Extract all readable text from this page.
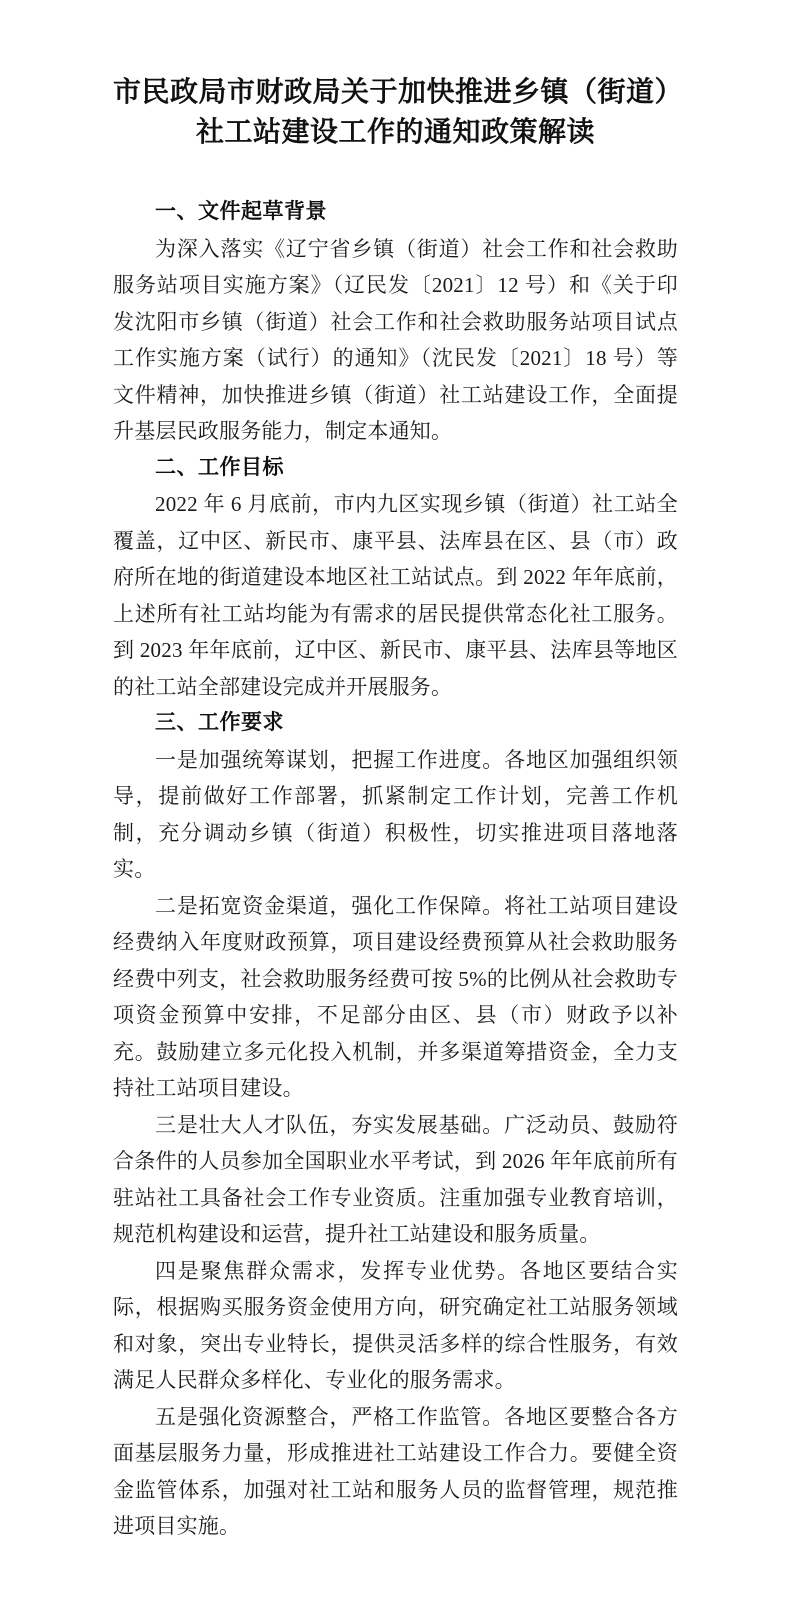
市民政局市财政局关于加快推进乡镇（街道）
社工站建设工作的通知政策解读
一、文件起草背景

为深入落实《辽宁省乡镇（街道）社会工作和社会救助服务站项目实施方案》（辽民发〔2021〕12 号）和《关于印发沈阳市乡镇（街道）社会工作和社会救助服务站项目试点工作实施方案（试行）的通知》（沈民发〔2021〕18 号）等文件精神，加快推进乡镇（街道）社工站建设工作，全面提升基层民政服务能力，制定本通知。

二、工作目标

2022 年 6 月底前，市内九区实现乡镇（街道）社工站全覆盖，辽中区、新民市、康平县、法库县在区、县（市）政府所在地的街道建设本地区社工站试点。到 2022 年年底前，上述所有社工站均能为有需求的居民提供常态化社工服务。到 2023 年年底前，辽中区、新民市、康平县、法库县等地区的社工站全部建设完成并开展服务。

三、工作要求

一是加强统筹谋划，把握工作进度。各地区加强组织领导，提前做好工作部署，抓紧制定工作计划，完善工作机制，充分调动乡镇（街道）积极性，切实推进项目落地落实。

二是拓宽资金渠道，强化工作保障。将社工站项目建设经费纳入年度财政预算，项目建设经费预算从社会救助服务经费中列支，社会救助服务经费可按 5%的比例从社会救助专项资金预算中安排，不足部分由区、县（市）财政予以补充。鼓励建立多元化投入机制，并多渠道筹措资金，全力支持社工站项目建设。

三是壮大人才队伍，夯实发展基础。广泛动员、鼓励符合条件的人员参加全国职业水平考试，到 2026 年年底前所有驻站社工具备社会工作专业资质。注重加强专业教育培训，规范机构建设和运营，提升社工站建设和服务质量。

四是聚焦群众需求，发挥专业优势。各地区要结合实际，根据购买服务资金使用方向，研究确定社工站服务领域和对象，突出专业特长，提供灵活多样的综合性服务，有效满足人民群众多样化、专业化的服务需求。

五是强化资源整合，严格工作监管。各地区要整合各方面基层服务力量，形成推进社工站建设工作合力。要健全资金监管体系，加强对社工站和服务人员的监督管理，规范推进项目实施。
